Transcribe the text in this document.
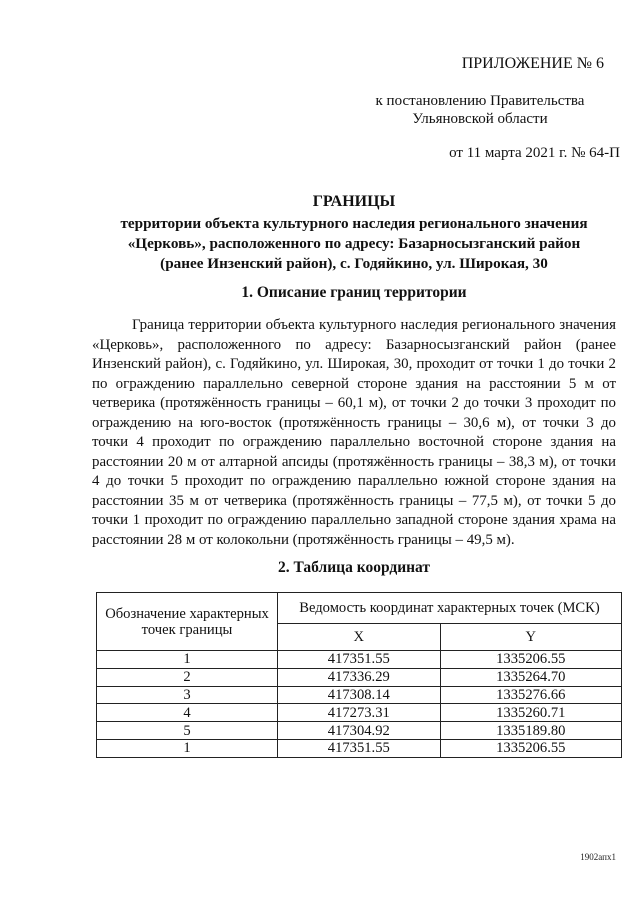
ПРИЛОЖЕНИЕ № 6
к постановлению Правительства
Ульяновской области
от 11 марта 2021 г. № 64-П
ГРАНИЦЫ
территории объекта культурного наследия регионального значения
«Церковь», расположенного по адресу: Базарносызганский район
(ранее Инзенский район), с. Годяйкино, ул. Широкая, 30
1. Описание границ территории

Граница территории объекта культурного наследия регионального значения «Церковь», расположенного по адресу: Базарносызганский район (ранее Инзенский район), с. Годяйкино, ул. Широкая, 30, проходит от точки 1 до точки 2 по ограждению параллельно северной стороне здания на расстоянии 5 м от четверика (протяжённость границы – 60,1 м), от точки 2 до точки 3 проходит по ограждению на юго-восток (протяжённость границы – 30,6 м), от точки 3 до точки 4 проходит по ограждению параллельно восточной стороне здания на расстоянии 20 м от алтарной апсиды (протяжённость границы – 38,3 м), от точки 4 до точки 5 проходит по ограждению параллельно южной стороне здания на расстоянии 35 м от четверика (протяжённость границы – 77,5 м), от точки 5 до точки 1 проходит по ограждению параллельно западной стороне здания храма на расстоянии 28 м от колокольни (протяжённость границы – 49,5 м).

2. Таблица координат
Обозначение характерных точек границы	Ведомость координат характерных точек (МСК)	
	X	Y
1	417351.55	1335206.55
2	417336.29	1335264.70
3	417308.14	1335276.66
4	417273.31	1335260.71
5	417304.92	1335189.80
1	417351.55	1335206.55
1902апх1
